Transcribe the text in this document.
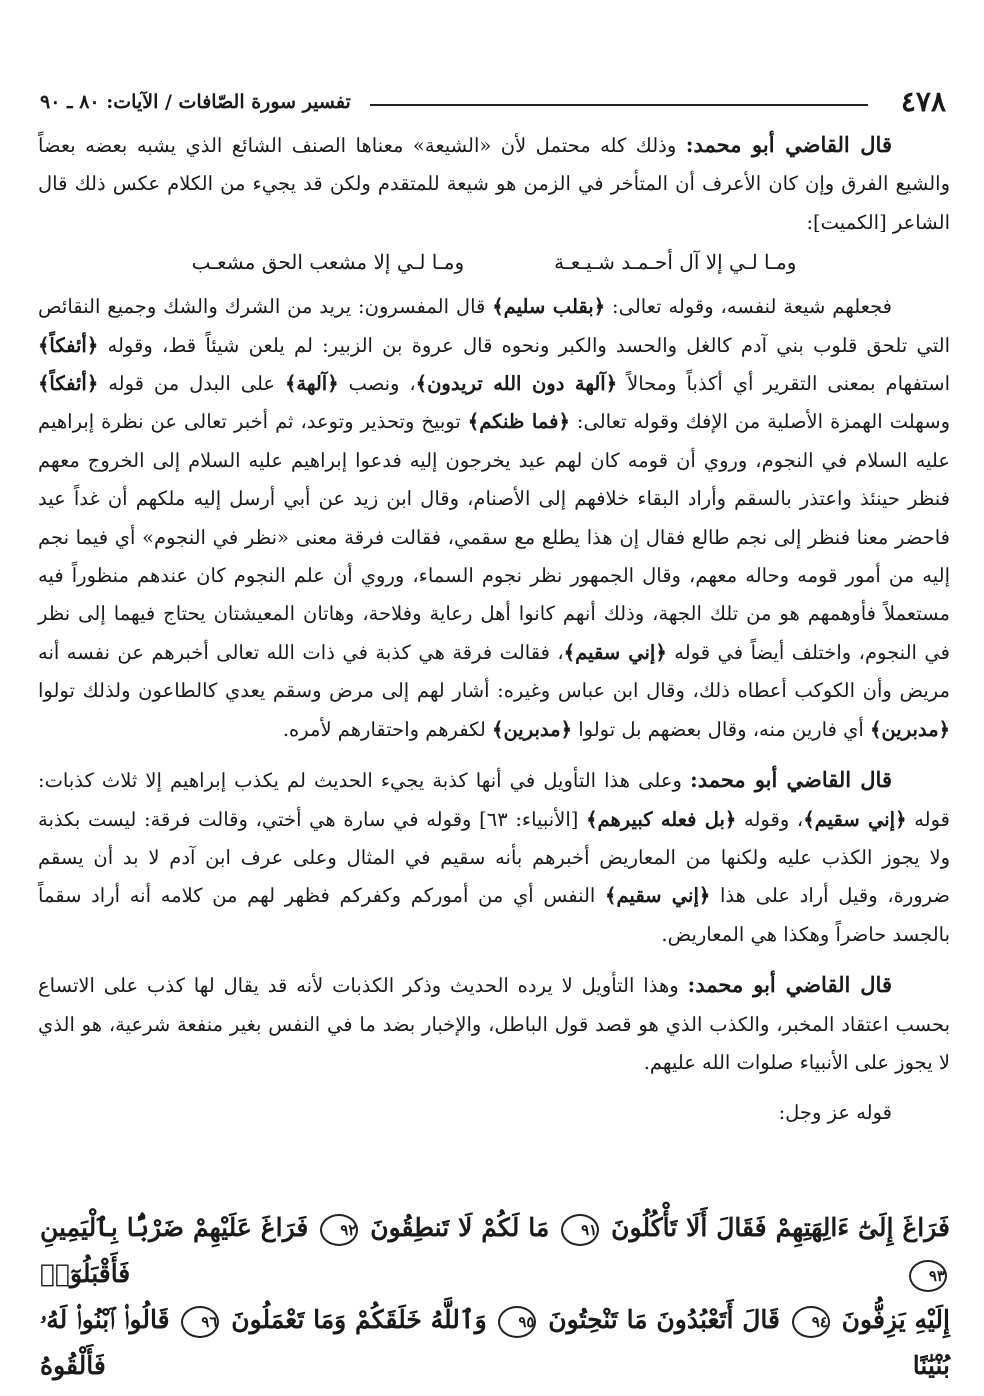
٤٧٨
تفسير سورة الصّافات / الآيات: ٨٠ ـ ٩٠

قال القاضي أبو محمد: وذلك كله محتمل لأن «الشيعة» معناها الصنف الشائع الذي يشبه بعضه بعضاً والشيع الفرق وإن كان الأعرف أن المتأخر في الزمن هو شيعة للمتقدم ولكن قد يجيء من الكلام عكس ذلك قال الشاعر [الكميت]:

ومـا لـي إلا آل أحـمـد شـيـعـة
ومـا لـي إلا مشعب الحق مشعـب

فجعلهم شيعة لنفسه، وقوله تعالى: ﴿بقلب سليم﴾ قال المفسرون: يريد من الشرك والشك وجميع النقائص التي تلحق قلوب بني آدم كالغل والحسد والكبر ونحوه قال عروة بن الزبير: لم يلعن شيئاً قط، وقوله ﴿أئفكاً﴾ استفهام بمعنى التقرير أي أكذباً ومحالاً ﴿آلهة دون الله تريدون﴾، ونصب ﴿آلهة﴾ على البدل من قوله ﴿أئفكاً﴾ وسهلت الهمزة الأصلية من الإفك وقوله تعالى: ﴿فما ظنكم﴾ توبيخ وتحذير وتوعد، ثم أخبر تعالى عن نظرة إبراهيم عليه السلام في النجوم، وروي أن قومه كان لهم عيد يخرجون إليه فدعوا إبراهيم عليه السلام إلى الخروج معهم فنظر حينئذ واعتذر بالسقم وأراد البقاء خلافهم إلى الأصنام، وقال ابن زيد عن أبي أرسل إليه ملكهم أن غداً عيد فاحضر معنا فنظر إلى نجم طالع فقال إن هذا يطلع مع سقمي، فقالت فرقة معنى «نظر في النجوم» أي فيما نجم إليه من أمور قومه وحاله معهم، وقال الجمهور نظر نجوم السماء، وروي أن علم النجوم كان عندهم منظوراً فيه مستعملاً فأوهمهم هو من تلك الجهة، وذلك أنهم كانوا أهل رعاية وفلاحة، وهاتان المعيشتان يحتاج فيهما إلى نظر في النجوم، واختلف أيضاً في قوله ﴿إني سقيم﴾، فقالت فرقة هي كذبة في ذات الله تعالى أخبرهم عن نفسه أنه مريض وأن الكوكب أعطاه ذلك، وقال ابن عباس وغيره: أشار لهم إلى مرض وسقم يعدي كالطاعون ولذلك تولوا ﴿مدبرين﴾ أي فارين منه، وقال بعضهم بل تولوا ﴿مدبرين﴾ لكفرهم واحتقارهم لأمره.

قال القاضي أبو محمد: وعلى هذا التأويل في أنها كذبة يجيء الحديث لم يكذب إبراهيم إلا ثلاث كذبات: قوله ﴿إني سقيم﴾، وقوله ﴿بل فعله كبيرهم﴾ [الأنبياء: ٦٣] وقوله في سارة هي أختي، وقالت فرقة: ليست بكذبة ولا يجوز الكذب عليه ولكنها من المعاريض أخبرهم بأنه سقيم في المثال وعلى عرف ابن آدم لا بد أن يسقم ضرورة، وقيل أراد على هذا ﴿إني سقيم﴾ النفس أي من أموركم وكفركم فظهر لهم من كلامه أنه أراد سقماً بالجسد حاضراً وهكذا هي المعاريض.

قال القاضي أبو محمد: وهذا التأويل لا يرده الحديث وذكر الكذبات لأنه قد يقال لها كذب على الاتساع بحسب اعتقاد المخبر، والكذب الذي هو قصد قول الباطل، والإخبار بضد ما في النفس بغير منفعة شرعية، هو الذي لا يجوز على الأنبياء صلوات الله عليهم.

قوله عز وجل:

فَرَاغَ إِلَىٰٓ ءَالِهَتِهِمْ فَقَالَ أَلَا تَأْكُلُونَ ٩١ مَا لَكُمْ لَا تَنطِقُونَ ٩٢ فَرَاغَ عَلَيْهِمْ ضَرْبًۢا بِٱلْيَمِينِ ٩٣ فَأَقْبَلُوٓا۟

إِلَيْهِ يَزِفُّونَ ٩٤ قَالَ أَتَعْبُدُونَ مَا تَنْحِتُونَ ٩٥ وَٱللَّهُ خَلَقَكُمْ وَمَا تَعْمَلُونَ ٩٦ قَالُوا۟ ٱبْنُوا۟ لَهُۥ بُنْيَٰنًا فَأَلْقُوهُ
